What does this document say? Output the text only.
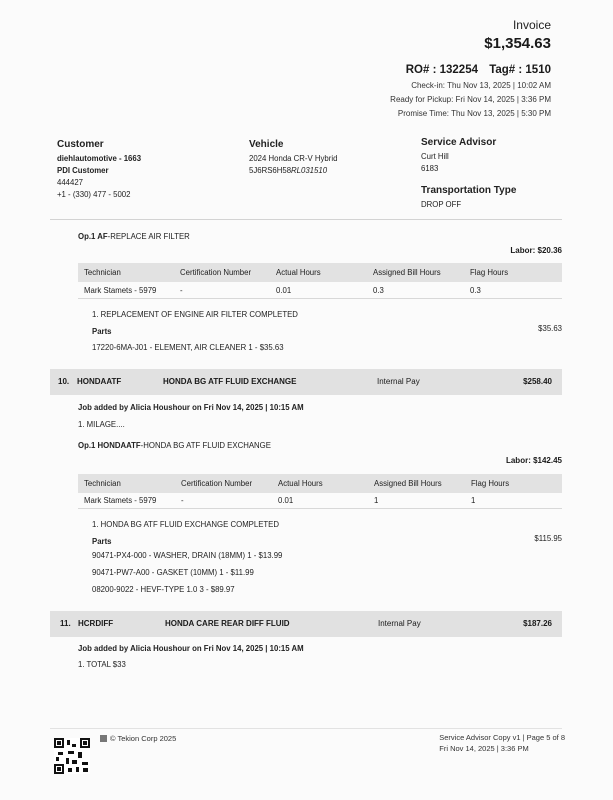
Invoice
$1,354.63
RO# : 132254 Tag# : 1510
Check-in: Thu Nov 13, 2025 | 10:02 AM
Ready for Pickup: Fri Nov 14, 2025 | 3:36 PM
Promise Time: Thu Nov 13, 2025 | 5:30 PM
Customer
diehlautomotive - 1663
PDI Customer
444427
+1 - (330) 477 - 5002
Vehicle
2024 Honda CR-V Hybrid
5J6RS6H58RL031510
Service Advisor
Curt Hill
6183
Transportation Type
DROP OFF
Op.1 AF-REPLACE AIR FILTER
Labor: $20.36
Technician	Certification Number	Actual Hours	Assigned Bill Hours	Flag Hours
Mark Stamets - 5979	-	0.01	0.3	0.3
1. REPLACEMENT OF ENGINE AIR FILTER COMPLETED
Parts	$35.63
17220-6MA-J01 - ELEMENT, AIR CLEANER 1 - $35.63
10. HONDAATF	HONDA BG ATF FLUID EXCHANGE	Internal Pay	$258.40
Job added by Alicia Houshour on Fri Nov 14, 2025 | 10:15 AM
1. MILAGE....
Op.1 HONDAATF-HONDA BG ATF FLUID EXCHANGE
Labor: $142.45
Technician	Certification Number	Actual Hours	Assigned Bill Hours	Flag Hours
Mark Stamets - 5979	-	0.01	1	1
1. HONDA BG ATF FLUID EXCHANGE COMPLETED
Parts	$115.95
90471-PX4-000 - WASHER, DRAIN (18MM) 1 - $13.99
90471-PW7-A00 - GASKET (10MM) 1 - $11.99
08200-9022 - HEVF-TYPE 1.0 3 - $89.97
11. HCRDIFF	HONDA CARE REAR DIFF FLUID	Internal Pay	$187.26
Job added by Alicia Houshour on Fri Nov 14, 2025 | 10:15 AM
1. TOTAL $33
© Tekion Corp 2025	Service Advisor Copy v1 | Page 5 of 8
Fri Nov 14, 2025 | 3:36 PM
